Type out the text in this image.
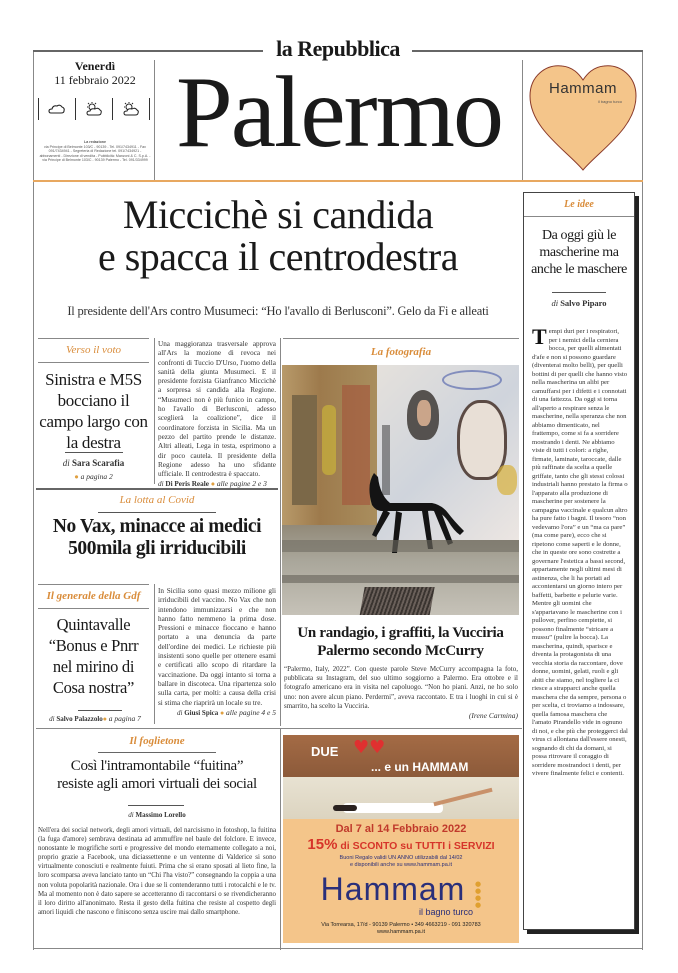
la Repubblica
Venerdì
11 febbraio 2022
La redazione
via Principe di Belmonte 103/C - 90139 - Tel. 091/7434911 - Fax 091/7434941 - Segreteria di Redazione tel. 091/7434921 - abbonamenti - Direzione di vendita - Pubblicità: Manzoni & C. S.p.A. - via Principe di Belmonte 103/C - 90139 Palermo - Tel. 091/334999 Palermo	Hammam
il bagno turco
Miccichè si candida
e spacca il centrodestra
Il presidente dell'Ars contro Musumeci: “Ho l'avallo di Berlusconi”. Gelo da Fi e alleati
Verso il voto
Sinistra e M5S bocciano il campo largo con la destra
di Sara Scarafia
● a pagina 2
Una maggioranza trasversale approva all'Ars la mozione di revoca nei confronti di Tuccio D'Urso, l'uomo della sanità della giunta Musumeci. E il presidente forzista Gianfranco Miccichè a sorpresa si candida alla Regione. “Musumeci non è più funico in campo, ho l'avallo di Berlusconi, adesso sceglierà la coalizione”, dice il coordinatore forzista in Sicilia. Ma un pezzo del partito prende le distanze. Altri alleati, Lega in testa, esprimono a dir poco cautela. Il presidente della Regione adesso ha uno sfidante ufficiale. Il centrodestra è spaccato.
di Di Peris Reale ● alle pagine 2 e 3
La lotta al Covid
No Vax, minacce ai medici
500mila gli irriducibili
Il generale della Gdf
Quintavalle “Bonus e Pnrr nel mirino di Cosa nostra”
di Salvo Palazzolo● a pagina 7
In Sicilia sono quasi mezzo milione gli irriducibili del vaccino. No Vax che non intendono immunizzarsi e che non hanno fatto nemmeno la prima dose. Pressioni e minacce fioccano e hanno portato a una denuncia da parte dell'ordine dei medici. Le richieste più insistenti sono quelle per ottenere esami e certificati allo scopo di ritardare la vaccinazione. Da oggi intanto si torna a ballare in discoteca. Una ripartenza solo sulla carta, per molti: a causa della crisi si stima che riaprirà un locale su tre.
di Giusi Spica ● alle pagine 4 e 5
La fotografia
Un randagio, i graffiti, la Vucciria
Palermo secondo McCurry
“Palermo, Italy, 2022”. Con queste parole Steve McCurry accompagna la foto, pubblicata su Instagram, del suo ultimo soggiorno a Palermo. Era ottobre e il fotografo americano era in visita nel capoluogo. “Non ho piani. Anzi, ne ho solo uno: non avere alcun piano. Perdermi”, aveva raccontato. E tra i luoghi in cui si è smarrito, ha scelto la Vucciria.
(Irene Carmina)
Il foglietone
Così l'intramontabile “fuitina”
resiste agli amori virtuali dei social
di Massimo Lorello
Nell'era dei social network, degli amori virtuali, del narcisismo in fotoshop, la fuitina (la fuga d'amore) sembrava destinata ad ammuffire nel baule del folclore. E invece, nonostante le mogrifiche sorti e progressive del mondo eternamente collegato a noi, proprio grazie a Facebook, una diciassettenne e un ventenne di Valderice si sono virtualmente conosciuti e realmente fuiuti. Prima che si erano sposati al lieto fine, la loro scomparsa aveva lanciato tanto un “Chi l'ha visto?” consegnando la coppia a una non voluta popolarità nazionale. Ora i due se li contenderanno tutti i rotocalchi e le tv. Ma al momento non è dato sapere se accetteranno di raccontarsi o se rivendicheranno il loro diritto all'anonimato. Resta il gesto della fuitina che resiste al cospetto degli amori liquidi che nascono e finiscono senza uscire mai dallo smartphone.
DUE ♥♥
... e un HAMMAM
Dal 7 al 14 Febbraio 2022
15% di SCONTO su TUTTI i SERVIZI
Buoni Regalo validi UN ANNO utilizzabili dal 14/02
e disponibili anche su www.hammam.pa.it
Hammam	●
●
●
●
il bagno turco
Via Torrearsa, 17/d - 90139 Palermo • 349 4663219 - 091 320783
www.hammam.pa.it
Le idee
Da oggi giù le mascherine ma anche le maschere
di Salvo Piparo
T empi duri per i respiratori, per i nemici della cerniera bocca, per quelli alimentati d'afe e non si possono guardare (diventerai molto belli), per quelli bottini di per quelli che hanno visto nella mascherina un alibi per camuffarsi per i difetti e i connotati di una fattezza. Da oggi si torna all'aperto a respirare senza le mascherine, nella speranza che non abbiamo dimenticato, nel frattempo, come si fa a sorridere mostrando i denti. Ne abbiamo viste di tutti i colori: a righe, firmate, laminate, taroccate, dalle più raffinate da scelta a quelle griffate, tanto che gli stessi colossi industriali hanno prestato la firma o l'apparato alla produzione di mascherine per sostenere la campagna vaccinale e qualcun altro ha pure fatto i bagni. Il tesoro “non vedevamo l'ora” e un “ma ca pare” (ma come pare), ecco che si ripetono come saperti e le donne, che in queste ore sono costrette a governare l'estetica a bassi second, appartamente negli ultimi mesi di astinenza, che li ha portati ad accontentarsi un giorno intero per baffetti, barbette e pelurie varie. Mentre gli uomini che s'appartavano le mascherine con i pullover, perfino cempiette, si possono finalmente “stricare a mussu” (pulire la bocca). La mascherina, quindi, sparisce e diventa la protagonista di una vecchia storia da raccontare, dove donne, uomini, gelati, ruoli e gli abiti che siamo, nel togliere la ci riesce a strapparci anche quella maschera che da sempre, persona o per scelta, ci troviamo a indossare, quella famosa maschera che l'amato Pirandello vide in ognuno di noi, e che più che proteggerci dal virus ci allontana dall'essere onesti, sognando di chi da domani, si possa ritrovare il coraggio di sorridere mostrandoci i denti, per vivere finalmente felici e contenti.
